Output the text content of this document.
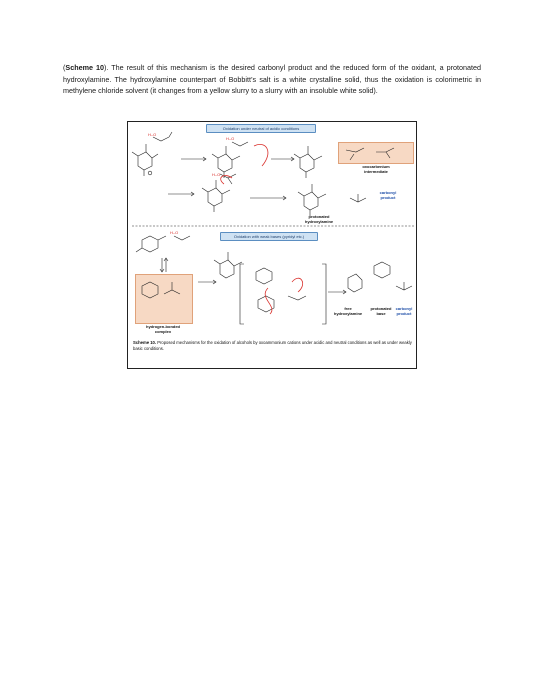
(Scheme 10). The result of this mechanism is the desired carbonyl product and the reduced form of the oxidant, a protonated hydroxylamine. The hydroxylamine counterpart of Bobbitt’s salt is a white crystalline solid, thus the oxidation is colorimetric in methylene chloride solvent (it changes from a yellow slurry to a slurry with an insoluble white solid).
Oxidation under neutral of acidic conditions
Oxidation with weak bases (pyridyl etc.)
H–O
H–O
H–O
H–O
oxocarbenium
intermediate
carbonyl
product
protonated
hydroxylamine
hydrogen-bonded
complex
free
hydroxylamine
protonated
base
carbonyl
product
Scheme 10. Proposed mechanisms for the oxidation of alcohols by oxoammonium cations under acidic and neutral conditions as well as under weakly basic conditions.
